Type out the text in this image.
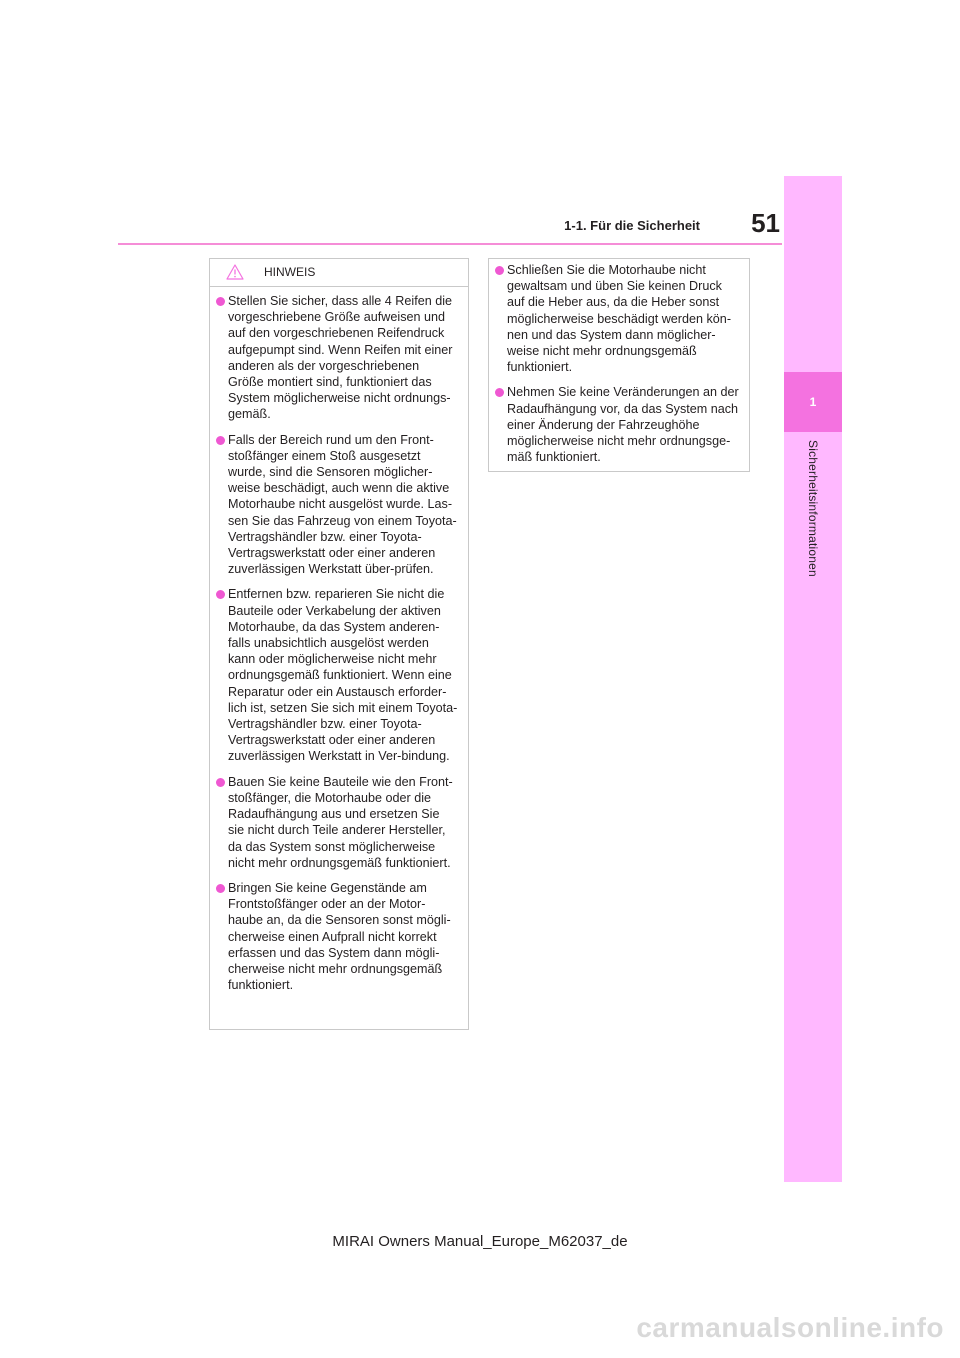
51
1-1. Für die Sicherheit
1
Sicherheitsinformationen
HINWEIS
Stellen Sie sicher, dass alle 4 Reifen die vorgeschriebene Größe aufweisen und auf den vorgeschriebenen Reifendruck aufgepumpt sind. Wenn Reifen mit einer anderen als der vorgeschriebenen Größe montiert sind, funktioniert das System möglicherweise nicht ordnungs-gemäß.
Falls der Bereich rund um den Front-stoßfänger einem Stoß ausgesetzt wurde, sind die Sensoren möglicher-weise beschädigt, auch wenn die aktive Motorhaube nicht ausgelöst wurde. Las-sen Sie das Fahrzeug von einem Toyota-Vertragshändler bzw. einer Toyota-Vertragswerkstatt oder einer anderen zuverlässigen Werkstatt über-prüfen.
Entfernen bzw. reparieren Sie nicht die Bauteile oder Verkabelung der aktiven Motorhaube, da das System anderen-falls unabsichtlich ausgelöst werden kann oder möglicherweise nicht mehr ordnungsgemäß funktioniert. Wenn eine Reparatur oder ein Austausch erforder-lich ist, setzen Sie sich mit einem Toyota-Vertragshändler bzw. einer Toyota-Vertragswerkstatt oder einer anderen zuverlässigen Werkstatt in Ver-bindung.
Bauen Sie keine Bauteile wie den Front-stoßfänger, die Motorhaube oder die Radaufhängung aus und ersetzen Sie sie nicht durch Teile anderer Hersteller, da das System sonst möglicherweise nicht mehr ordnungsgemäß funktioniert.
Bringen Sie keine Gegenstände am Frontstoßfänger oder an der Motor-haube an, da die Sensoren sonst mögli-cherweise einen Aufprall nicht korrekt erfassen und das System dann mögli-cherweise nicht mehr ordnungsgemäß funktioniert.
Schließen Sie die Motorhaube nicht gewaltsam und üben Sie keinen Druck auf die Heber aus, da die Heber sonst möglicherweise beschädigt werden kön-nen und das System dann möglicher-weise nicht mehr ordnungsgemäß funktioniert.
Nehmen Sie keine Veränderungen an der Radaufhängung vor, da das System nach einer Änderung der Fahrzeughöhe möglicherweise nicht mehr ordnungsge-mäß funktioniert.
MIRAI Owners Manual_Europe_M62037_de
carmanualsonline.info
